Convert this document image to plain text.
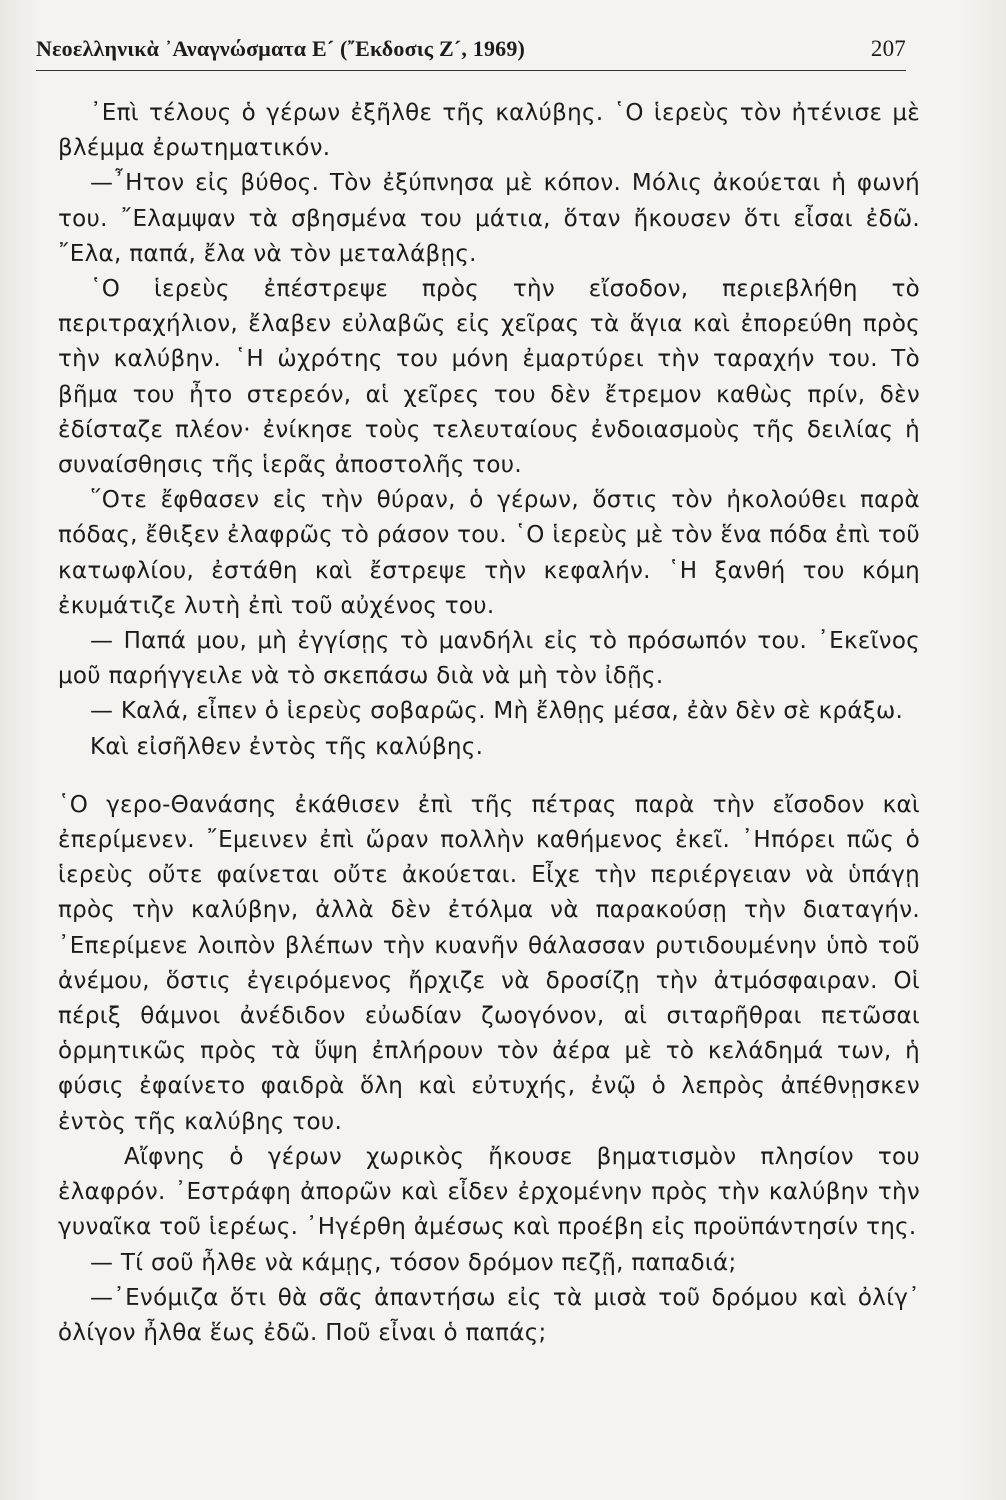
Νεοελληνικὰ ᾿Αναγνώσματα Ε´ (῎Εκδοσις Ζ´, 1969)	207

᾿Επὶ τέλους ὁ γέρων ἐξῆλθε τῆς καλύβης. ῾Ο ἱερεὺς τὸν ἠτένισε μὲ βλέμμα ἐρωτηματικόν.

—῏Ητον εἰς βύθος. Τὸν ἐξύπνησα μὲ κόπον. Μόλις ἀκούεται ἡ φωνή του. ῎Ελαμψαν τὰ σβησμένα του μάτια, ὅταν ἤκουσεν ὅτι εἶσαι ἐδῶ. ῎Ελα, παπά, ἔλα νὰ τὸν μεταλάβῃς.

῾Ο ἱερεὺς ἐπέστρεψε πρὸς τὴν εἴσοδον, περιεβλήθη τὸ περιτραχήλιον, ἔλαβεν εὐλαβῶς εἰς χεῖρας τὰ ἅγια καὶ ἐπορεύθη πρὸς τὴν καλύβην. ῾Η ὠχρότης του μόνη ἐμαρτύρει τὴν ταραχήν του. Τὸ βῆμα του ἦτο στερεόν, αἱ χεῖρες του δὲν ἔτρεμον καθὼς πρίν, δὲν ἐδίσταζε πλέον· ἐνίκησε τοὺς τελευταίους ἐνδοιασμοὺς τῆς δειλίας ἡ συναίσθησις τῆς ἱερᾶς ἀποστολῆς του.

῞Οτε ἔφθασεν εἰς τὴν θύραν, ὁ γέρων, ὅστις τὸν ἠκολούθει παρὰ πόδας, ἔθιξεν ἐλαφρῶς τὸ ράσον του. ῾Ο ἱερεὺς μὲ τὸν ἕνα πόδα ἐπὶ τοῦ κατωφλίου, ἐστάθη καὶ ἔστρεψε τὴν κεφαλήν. ῾Η ξανθή του κόμη ἐκυμάτιζε λυτὴ ἐπὶ τοῦ αὐχένος του.

— Παπά μου, μὴ ἐγγίσῃς τὸ μανδήλι εἰς τὸ πρόσωπόν του. ᾿Εκεῖνος μοῦ παρήγγειλε νὰ τὸ σκεπάσω διὰ νὰ μὴ τὸν ἰδῇς.

— Καλά, εἶπεν ὁ ἱερεὺς σοβαρῶς. Μὴ ἔλθῃς μέσα, ἐὰν δὲν σὲ κράξω.

Καὶ εἰσῆλθεν ἐντὸς τῆς καλύβης.

῾Ο γερο-Θανάσης ἐκάθισεν ἐπὶ τῆς πέτρας παρὰ τὴν εἴσοδον καὶ ἐπερίμενεν. ῎Εμεινεν ἐπὶ ὥραν πολλὴν καθήμενος ἐκεῖ. ᾿Ηπόρει πῶς ὁ ἱερεὺς οὔτε φαίνεται οὔτε ἀκούεται. Εἶχε τὴν περιέργειαν νὰ ὑπάγῃ πρὸς τὴν καλύβην, ἀλλὰ δὲν ἐτόλμα νὰ παρακούσῃ τὴν διαταγήν. ᾿Επερίμενε λοιπὸν βλέπων τὴν κυανῆν θάλασσαν ρυτιδουμένην ὑπὸ τοῦ ἀνέμου, ὅστις ἐγειρόμενος ἤρχιζε νὰ δροσίζῃ τὴν ἀτμόσφαιραν. Οἱ πέριξ θάμνοι ἀνέδιδον εὐωδίαν ζωογόνον, αἱ σιταρῆθραι πετῶσαι ὁρμητικῶς πρὸς τὰ ὕψη ἐπλήρουν τὸν ἀέρα μὲ τὸ κελάδημά των, ἡ φύσις ἐφαίνετο φαιδρὰ ὅλη καὶ εὐτυχής, ἐνῷ ὁ λεπρὸς ἀπέθνῃσκεν ἐντὸς τῆς καλύβης του.

Αἴφνης ὁ γέρων χωρικὸς ἤκουσε βηματισμὸν πλησίον του ἐλαφρόν. ᾿Εστράφη ἀπορῶν καὶ εἶδεν ἐρχομένην πρὸς τὴν καλύβην τὴν γυναῖκα τοῦ ἱερέως. ᾿Ηγέρθη ἀμέσως καὶ προέβη εἰς προϋπάντησίν της.

— Τί σοῦ ἦλθε νὰ κάμῃς, τόσον δρόμον πεζῇ, παπαδιά;

—᾿Ενόμιζα ὅτι θὰ σᾶς ἀπαντήσω εἰς τὰ μισὰ τοῦ δρόμου καὶ ὀλίγ᾿ ὀλίγον ἦλθα ἕως ἐδῶ. Ποῦ εἶναι ὁ παπάς;
